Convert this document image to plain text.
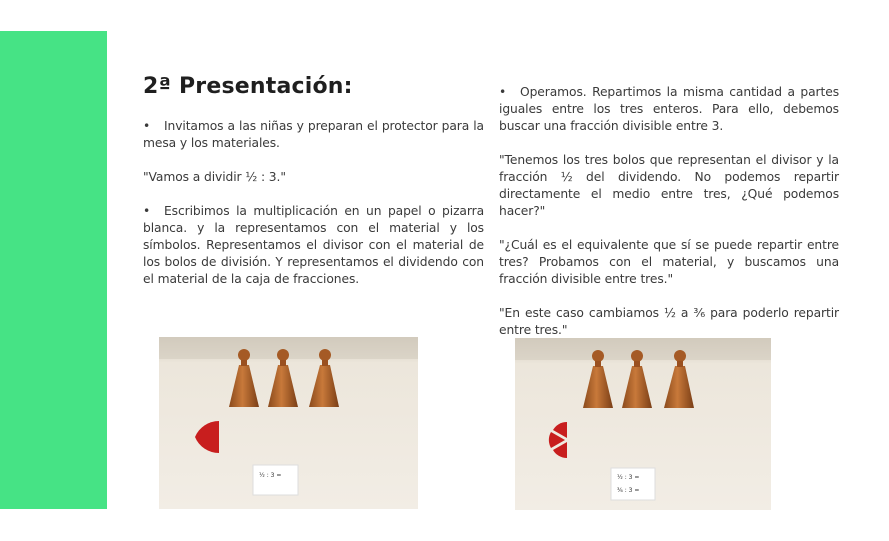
2ª Presentación:

• Invitamos a las niñas y preparan el protector para la mesa y los materiales.

"Vamos a dividir ½ : 3."

• Escribimos la multiplicación en un papel o pizarra blanca. y la representamos con el material y los símbolos. Representamos el divisor con el material de los bolos de división. Y representamos el dividendo con el material de la caja de fracciones.

• Operamos. Repartimos la misma cantidad a partes iguales entre los tres enteros. Para ello, debemos buscar una fracción divisible entre 3.

"Tenemos los tres bolos que representan el divisor y la fracción ½ del dividendo. No podemos repartir directamente el medio entre tres, ¿Qué podemos hacer?"

"¿Cuál es el equivalente que sí se puede repartir entre tres? Probamos con el material, y buscamos una fracción divisible entre tres."

"En este caso cambiamos ½ a ³⁄₆ para poderlo repartir entre tres."

½ : 3 =	½ : 3 =
³⁄₆ : 3 =
